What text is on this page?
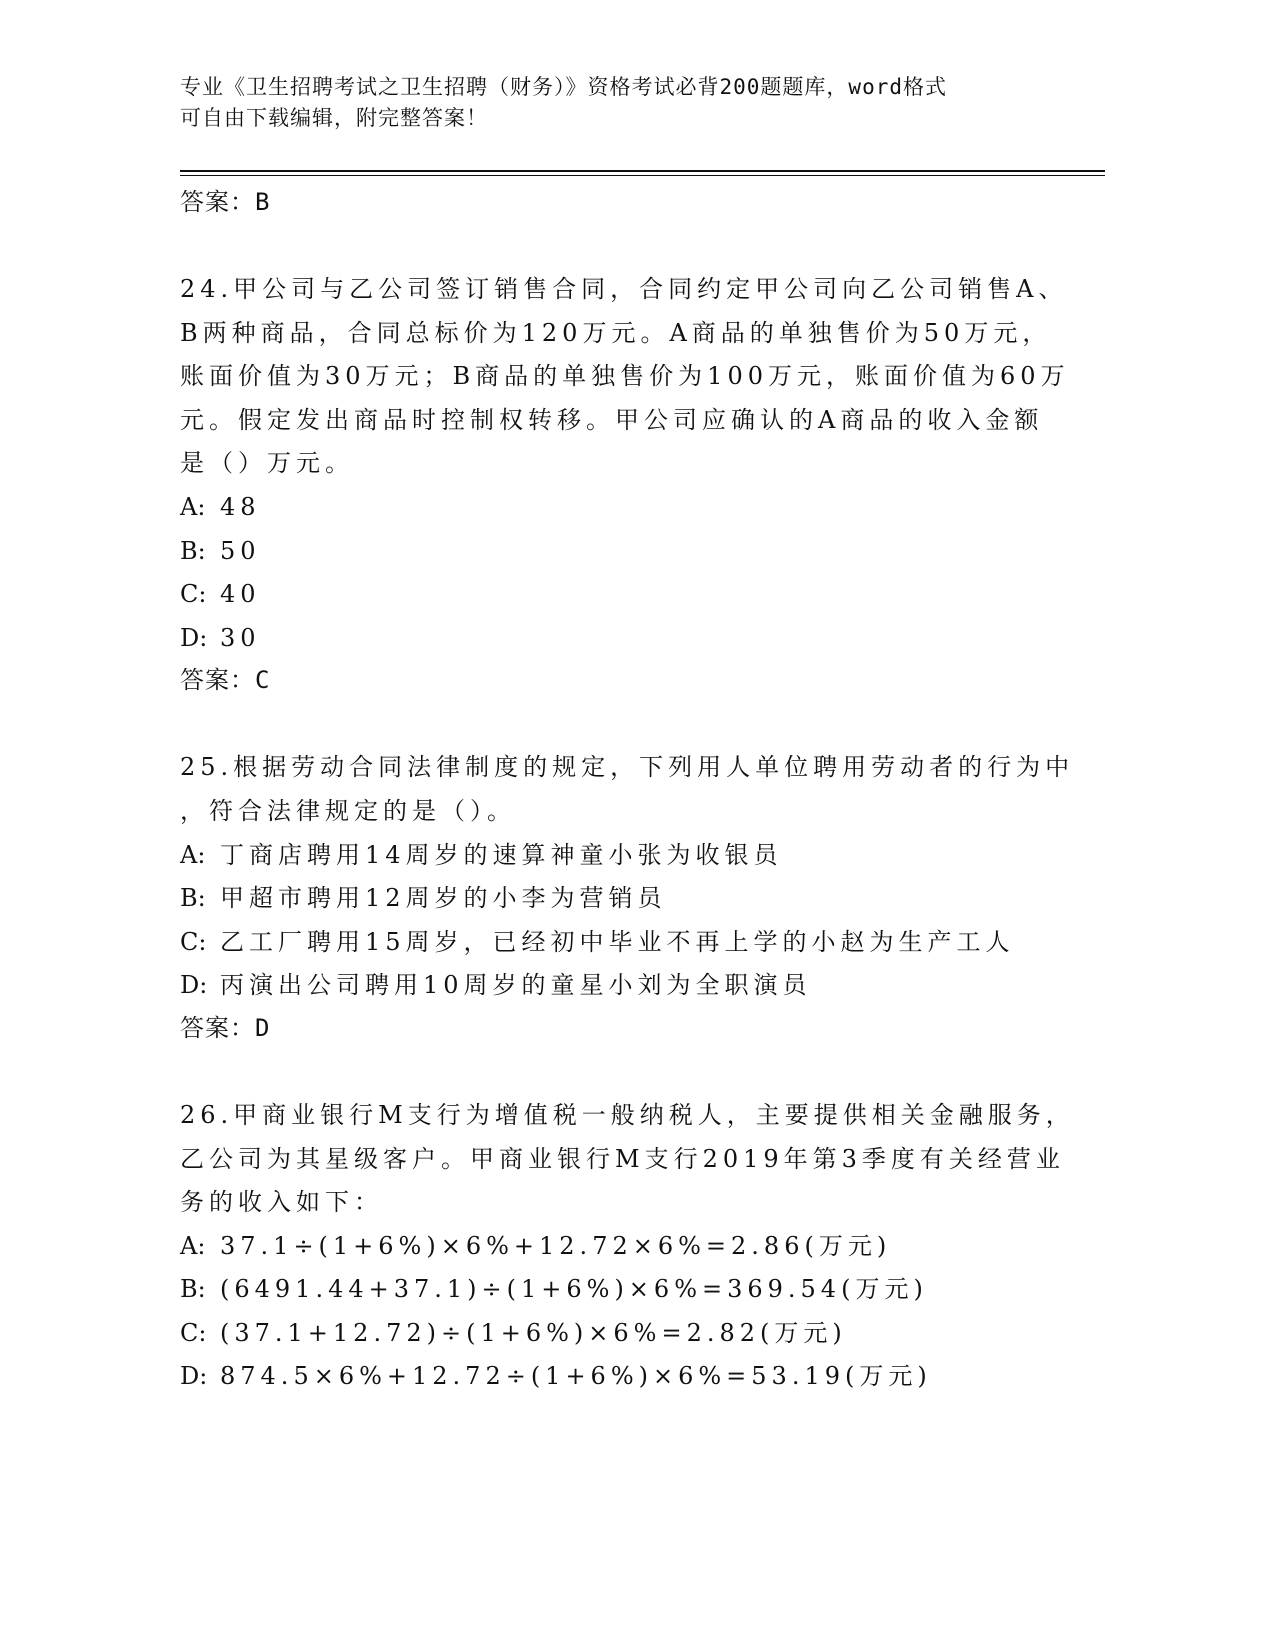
专业《卫生招聘考试之卫生招聘（财务）》资格考试必背200题题库，word格式
可自由下载编辑，附完整答案！
答案：B
24.甲公司与乙公司签订销售合同，合同约定甲公司向乙公司销售A、
B两种商品，合同总标价为120万元。A商品的单独售价为50万元，
账面价值为30万元；B商品的单独售价为100万元，账面价值为60万
元。假定发出商品时控制权转移。甲公司应确认的A商品的收入金额
是（）万元。
A: 48
B: 50
C: 40
D: 30
答案：C
25.根据劳动合同法律制度的规定，下列用人单位聘用劳动者的行为中
，符合法律规定的是（）。
A: 丁商店聘用14周岁的速算神童小张为收银员
B: 甲超市聘用12周岁的小李为营销员
C: 乙工厂聘用15周岁，已经初中毕业不再上学的小赵为生产工人
D: 丙演出公司聘用10周岁的童星小刘为全职演员
答案：D
26.甲商业银行M支行为增值税一般纳税人，主要提供相关金融服务，
乙公司为其星级客户。甲商业银行M支行2019年第3季度有关经营业
务的收入如下：
A: 37.1÷(1+6%)×6%+12.72×6%=2.86(万元)
B: (6491.44+37.1)÷(1+6%)×6%=369.54(万元)
C: (37.1+12.72)÷(1+6%)×6%=2.82(万元)
D: 874.5×6%+12.72÷(1+6%)×6%=53.19(万元)
